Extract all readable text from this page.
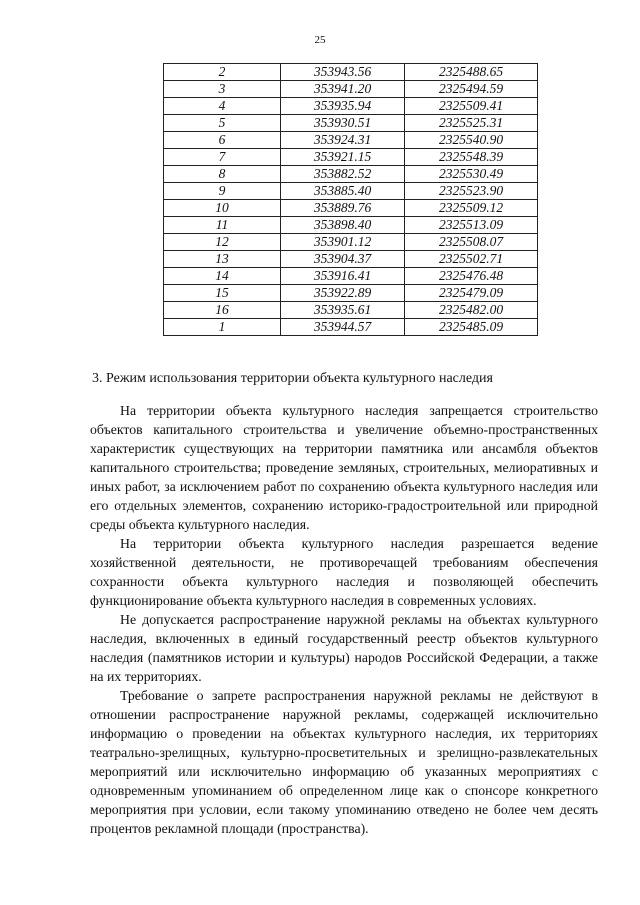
25
2	353943.56	2325488.65
3	353941.20	2325494.59
4	353935.94	2325509.41
5	353930.51	2325525.31
6	353924.31	2325540.90
7	353921.15	2325548.39
8	353882.52	2325530.49
9	353885.40	2325523.90
10	353889.76	2325509.12
11	353898.40	2325513.09
12	353901.12	2325508.07
13	353904.37	2325502.71
14	353916.41	2325476.48
15	353922.89	2325479.09
16	353935.61	2325482.00
1	353944.57	2325485.09
3. Режим использования территории объекта культурного наследия

На территории объекта культурного наследия запрещается строительство объектов капитального строительства и увеличение объемно-пространственных характеристик существующих на территории памятника или ансамбля объектов капитального строительства; проведение земляных, строительных, мелиоративных и иных работ, за исключением работ по сохранению объекта культурного наследия или его отдельных элементов, сохранению историко-градостроительной или природной среды объекта культурного наследия.

На территории объекта культурного наследия разрешается ведение хозяйственной деятельности, не противоречащей требованиям обеспечения сохранности объекта культурного наследия и позволяющей обеспечить функционирование объекта культурного наследия в современных условиях.

Не допускается распространение наружной рекламы на объектах культурного наследия, включенных в единый государственный реестр объектов культурного наследия (памятников истории и культуры) народов Российской Федерации, а также на их территориях.

Требование о запрете распространения наружной рекламы не действуют в отношении распространение наружной рекламы, содержащей исключительно информацию о проведении на объектах культурного наследия, их территориях театрально-зрелищных, культурно-просветительных и зрелищно-развлекательных мероприятий или исключительно информацию об указанных мероприятиях с одновременным упоминанием об определенном лице как о спонсоре конкретного мероприятия при условии, если такому упоминанию отведено не более чем десять процентов рекламной площади (пространства).
